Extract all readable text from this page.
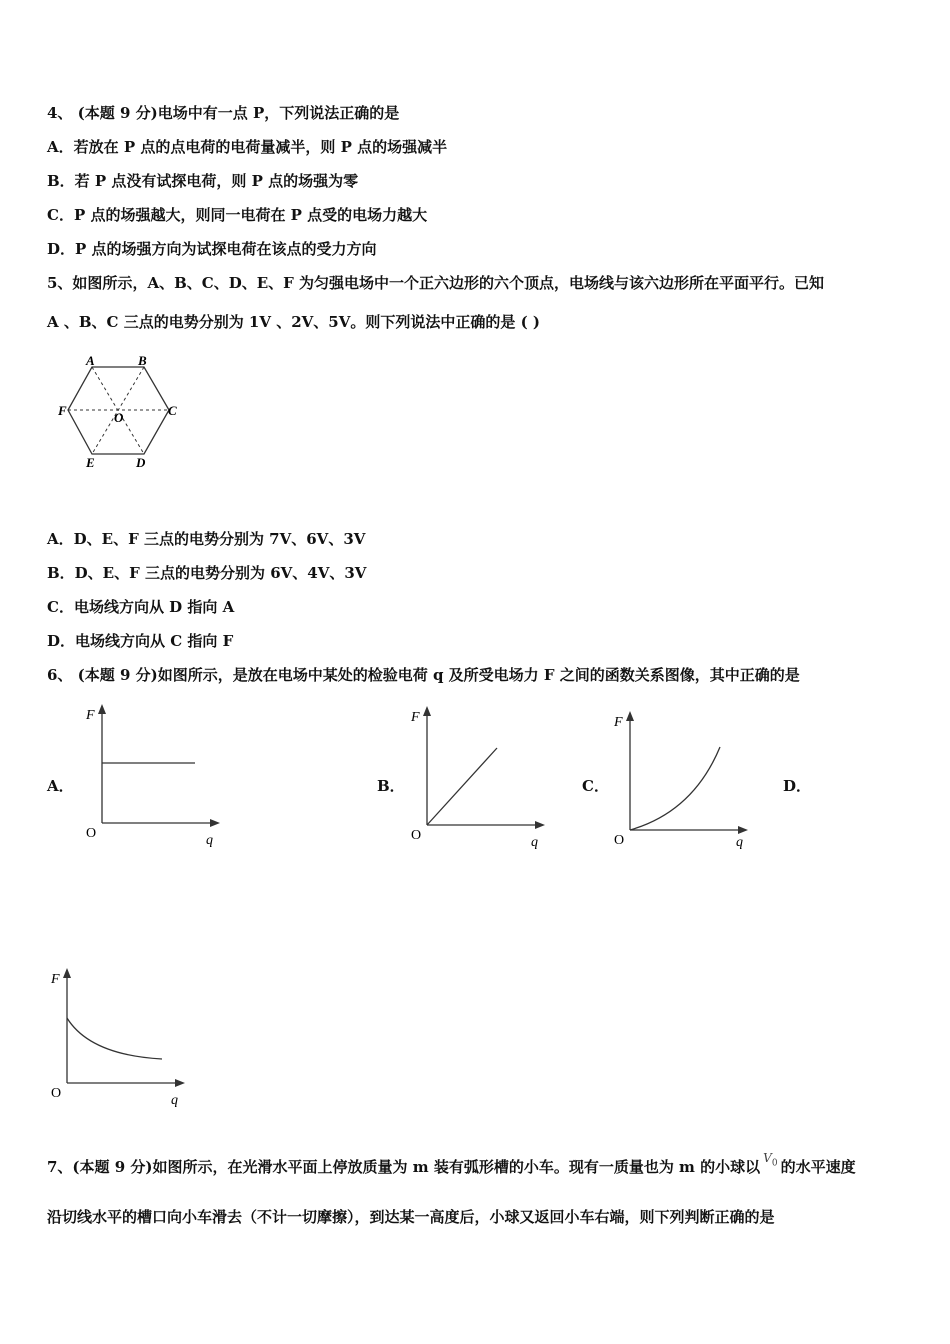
4、 (本题 9 分)电场中有一点 P，下列说法正确的是
A．若放在 P 点的点电荷的电荷量减半，则 P 点的场强减半
B．若 P 点没有试探电荷，则 P 点的场强为零
C．P 点的场强越大，则同一电荷在 P 点受的电场力越大
D．P 点的场强方向为试探电荷在该点的受力方向
5、如图所示，A、B、C、D、E、F 为匀强电场中一个正六边形的六个顶点，电场线与该六边形所在平面平行。已知
A 、B、C 三点的电势分别为 1V 、2V、5V。则下列说法中正确的是 ( )
A	B
C
D
E
F	O
A．D、E、F 三点的电势分别为 7V、6V、3V
B．D、E、F 三点的电势分别为 6V、4V、3V
C．电场线方向从 D 指向 A
D．电场线方向从 C 指向 F
6、 (本题 9 分)如图所示，是放在电场中某处的检验电荷 q 及所受电场力 F 之间的函数关系图像，其中正确的是
A．	B．	C．	D．
F
O	q
F
O	q
F
O	q
F
O	q
7、(本题 9 分)如图所示，在光滑水平面上停放质量为 m 装有弧形槽的小车。现有一质量也为 m 的小球以 $^{V_0}$ 的水平速度
沿切线水平的槽口向小车滑去（不计一切摩擦），到达某一高度后，小球又返回小车右端，则下列判断正确的是
